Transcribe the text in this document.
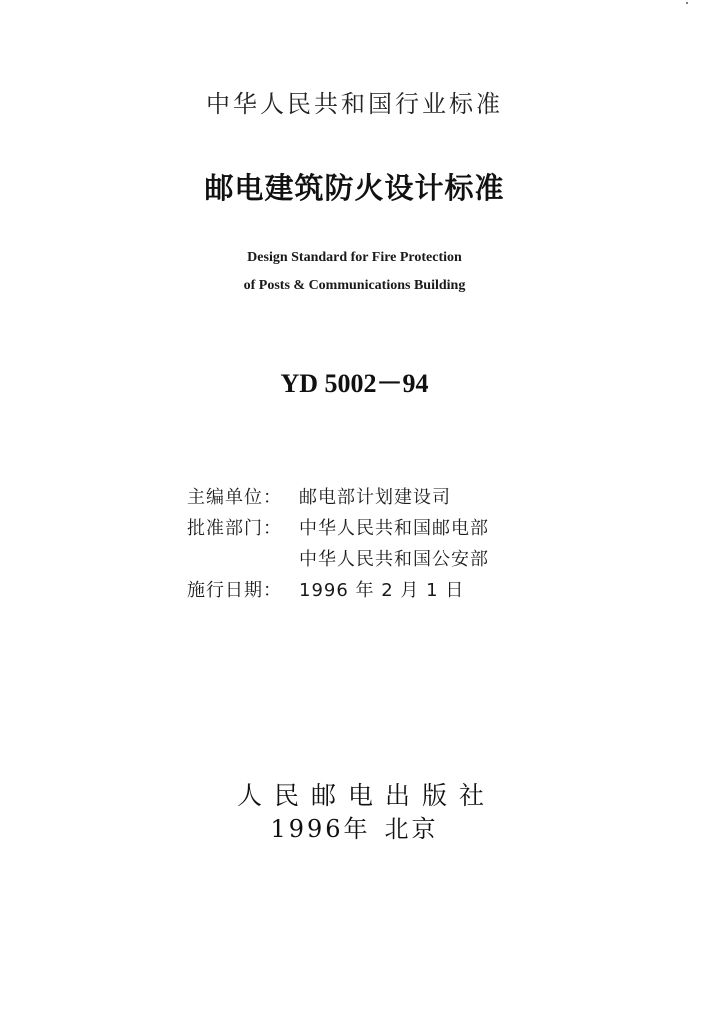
中华人民共和国行业标准
邮电建筑防火设计标准
Design Standard for Fire Protection
of Posts & Communications Building
YD 5002－94
主编单位： 邮电部计划建设司
批准部门： 中华人民共和国邮电部
中华人民共和国公安部
施行日期： 1996 年 2 月 1 日
人民邮电出版社
1996年 北京
